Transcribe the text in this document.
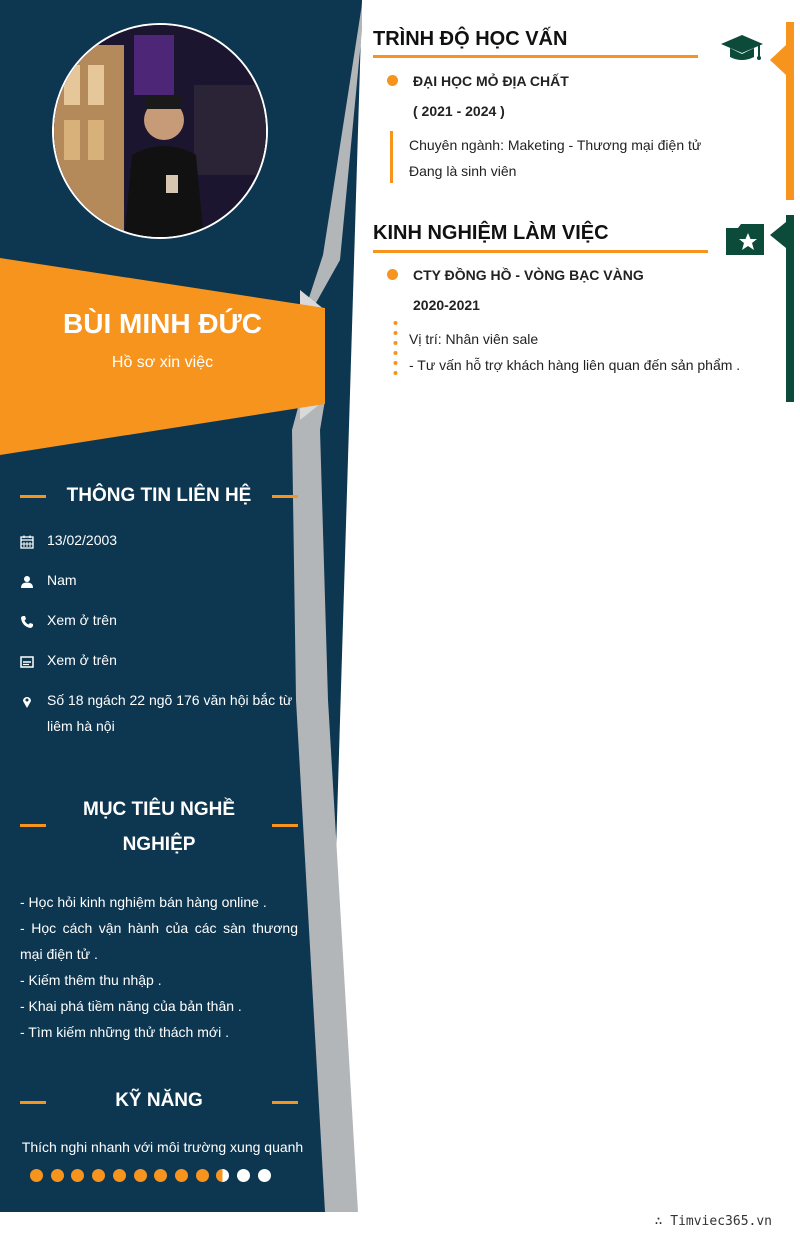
BÙI MINH ĐỨC
Hồ sơ xin việc
THÔNG TIN LIÊN HỆ
13/02/2003
Nam
Xem ở trên
Xem ở trên
Số 18 ngách 22 ngõ 176 văn hội bắc từ liêm hà nội
MỤC TIÊU NGHỀ NGHIỆP
- Học hỏi kinh nghiệm bán hàng online .
- Học cách vận hành của các sàn thương mại điện tử .
- Kiếm thêm thu nhập .
- Khai phá tiềm năng của bản thân .
- Tìm kiếm những thử thách mới .
KỸ NĂNG
Thích nghi nhanh với môi trường xung quanh
TRÌNH ĐỘ HỌC VẤN
ĐẠI HỌC MỎ ĐỊA CHẤT
( 2021 - 2024 )
Chuyên ngành: Maketing - Thương mại điện tử
Đang là sinh viên
KINH NGHIỆM LÀM VIỆC
CTY ĐỒNG HỒ - VÒNG BẠC VÀNG
2020-2021
Vị trí: Nhân viên sale
- Tư vấn hỗ trợ khách hàng liên quan đến sản phẩm .
∴ Timviec365.vn
